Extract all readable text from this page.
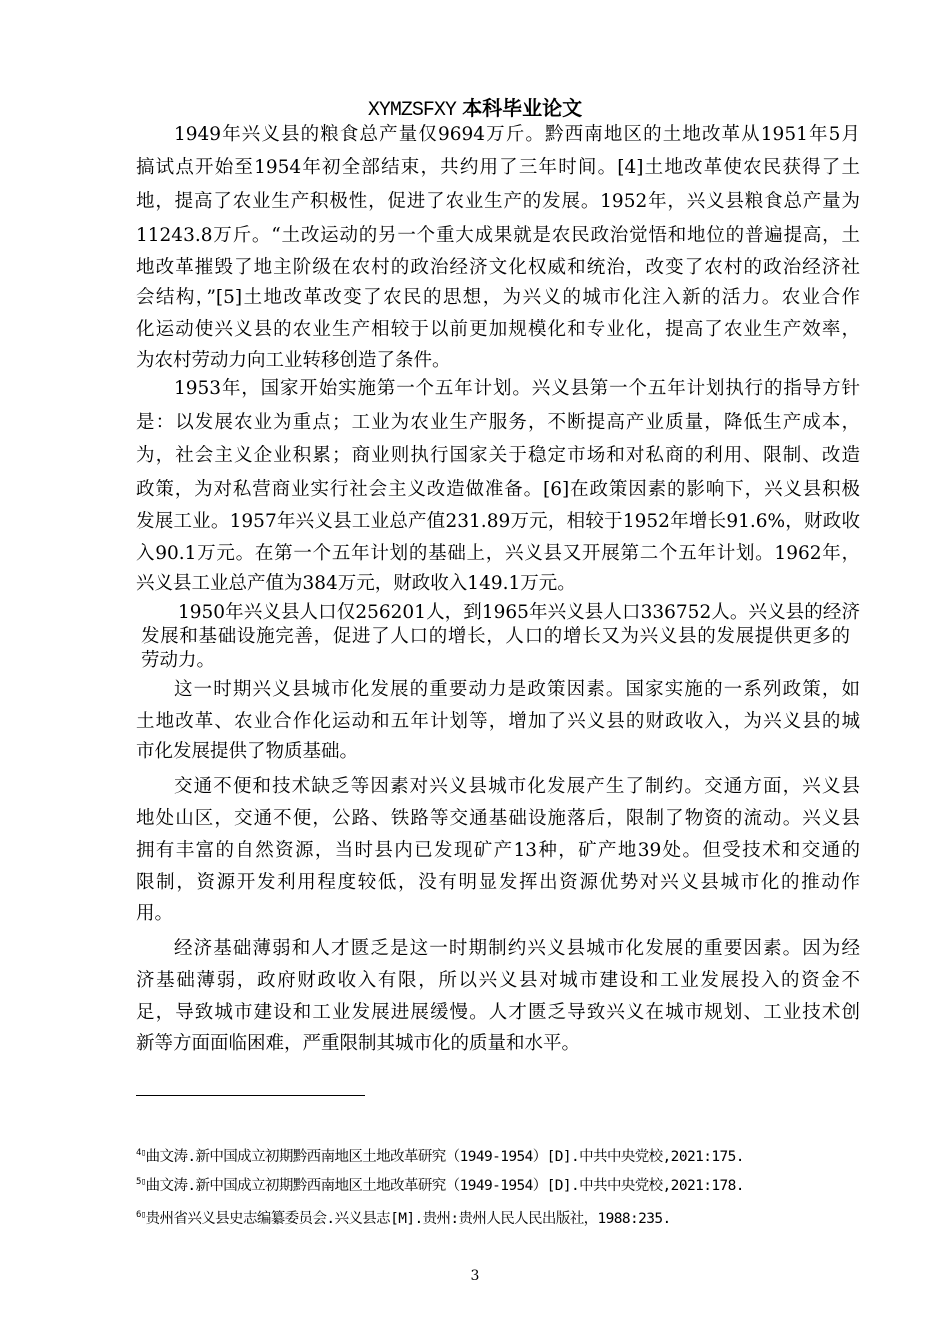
XYMZSFXY 本科毕业论文
1949年兴义县的粮食总产量仅9694万斤。黔西南地区的土地改革从1951年5月
搞试点开始至1954年初全部结束，共约用了三年时间。[4]土地改革使农民获得了土
地，提高了农业生产积极性，促进了农业生产的发展。1952年，兴义县粮食总产量为
11243.8万斤。“土改运动的另一个重大成果就是农民政治觉悟和地位的普遍提高，土
地改革摧毁了地主阶级在农村的政治经济文化权威和统治，改变了农村的政治经济社
会结构，”[5]土地改革改变了农民的思想，为兴义的城市化注入新的活力。农业合作
化运动使兴义县的农业生产相较于以前更加规模化和专业化，提高了农业生产效率，
为农村劳动力向工业转移创造了条件。
1953年，国家开始实施第一个五年计划。兴义县第一个五年计划执行的指导方针
是：以发展农业为重点；工业为农业生产服务，不断提高产业质量，降低生产成本，
为，社会主义企业积累；商业则执行国家关于稳定市场和对私商的利用、限制、改造
政策，为对私营商业实行社会主义改造做准备。[6]在政策因素的影响下，兴义县积极
发展工业。1957年兴义县工业总产值231.89万元，相较于1952年增长91.6%，财政收
入90.1万元。在第一个五年计划的基础上，兴义县又开展第二个五年计划。1962年，
兴义县工业总产值为384万元，财政收入149.1万元。
1950年兴义县人口仅256201人，到1965年兴义县人口336752人。兴义县的经济
发展和基础设施完善，促进了人口的增长，人口的增长又为兴义县的发展提供更多的
劳动力。
这一时期兴义县城市化发展的重要动力是政策因素。国家实施的一系列政策，如
土地改革、农业合作化运动和五年计划等，增加了兴义县的财政收入，为兴义县的城
市化发展提供了物质基础。
交通不便和技术缺乏等因素对兴义县城市化发展产生了制约。交通方面，兴义县
地处山区，交通不便，公路、铁路等交通基础设施落后，限制了物资的流动。兴义县
拥有丰富的自然资源，当时县内已发现矿产13种，矿产地39处。但受技术和交通的
限制，资源开发利用程度较低，没有明显发挥出资源优势对兴义县城市化的推动作
用。
经济基础薄弱和人才匮乏是这一时期制约兴义县城市化发展的重要因素。因为经
济基础薄弱，政府财政收入有限，所以兴义县对城市建设和工业发展投入的资金不
足，导致城市建设和工业发展进展缓慢。人才匮乏导致兴义在城市规划、工业技术创
新等方面面临困难，严重限制其城市化的质量和水平。
$^{4▯}$曲文涛.新中国成立初期黔西南地区土地改革研究（1949-1954）[D].中共中央党校,2021:175.
$^{5▯}$曲文涛.新中国成立初期黔西南地区土地改革研究（1949-1954）[D].中共中央党校,2021:178.
$^{6▯}$贵州省兴义县史志编纂委员会.兴义县志[M].贵州:贵州人民人民出版社，1988:235.
3
